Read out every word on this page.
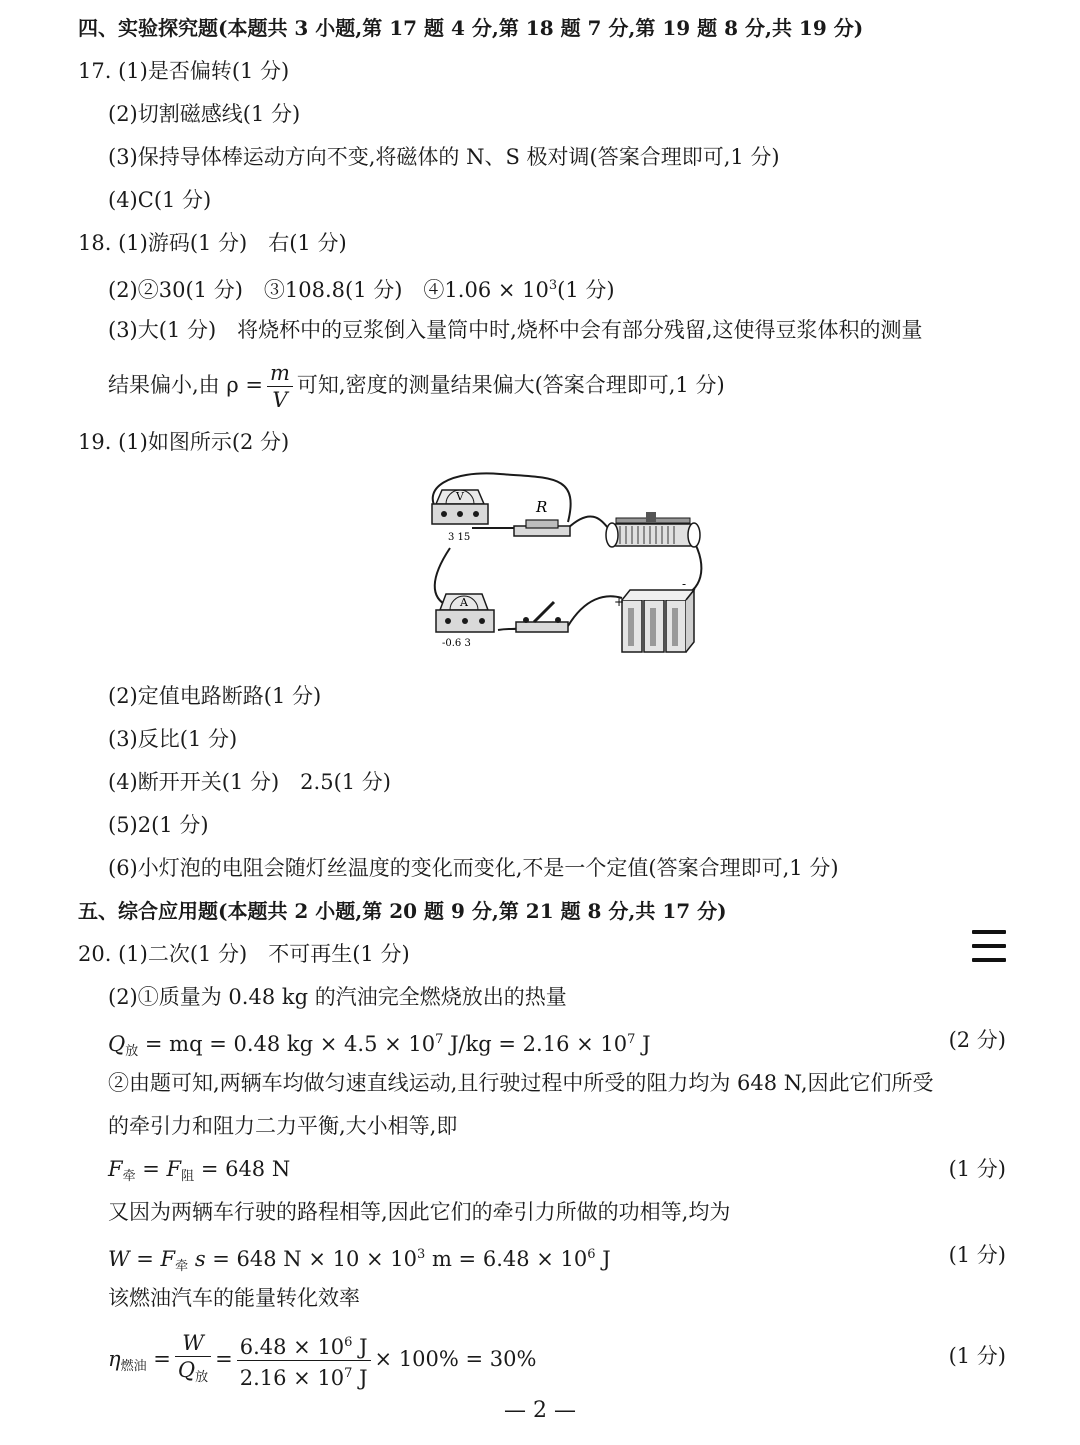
四、实验探究题(本题共 3 小题,第 17 题 4 分,第 18 题 7 分,第 19 题 8 分,共 19 分)
17. (1)是否偏转(1 分)
(2)切割磁感线(1 分)
(3)保持导体棒运动方向不变,将磁体的 N、S 极对调(答案合理即可,1 分)
(4)C(1 分)
18. (1)游码(1 分)　右(1 分)
(2)②30(1 分)　③108.8(1 分)　④1.06 × $10^3(1$ 分)
(3)大(1 分)　将烧杯中的豆浆倒入量筒中时,烧杯中会有部分残留,这使得豆浆体积的测量
结果偏小,由 $\rho = \frac{m}{V}$ 可知,密度的测量结果偏大(答案合理即可,1 分)
19. (1)如图所示(2 分)
V
3 15
R
A
-0.6 3
+
-
(2)定值电路断路(1 分)
(3)反比(1 分)
(4)断开开关(1 分)　2.5(1 分)
(5)2(1 分)
(6)小灯泡的电阻会随灯丝温度的变化而变化,不是一个定值(答案合理即可,1 分)
五、综合应用题(本题共 2 小题,第 20 题 9 分,第 21 题 8 分,共 17 分)
20. (1)二次(1 分)　不可再生(1 分)
(2)①质量为 0.48 kg 的汽油完全燃烧放出的热量
$Q_放$ = mq = 0.48 kg × $4.5 \times 10^7$ $J/kg = 2.16 \times 10^7$ J	(2 分)
②由题可知,两辆车均做匀速直线运动,且行驶过程中所受的阻力均为 648 N,因此它们所受
的牵引力和阻力二力平衡,大小相等,即
$F_牵 = F_阻 = 648$ N	(1 分)
又因为两辆车行驶的路程相等,因此它们的牵引力所做的功相等,均为
$W = F_牵$ s = 648 $N \times 10 \times 10^3$ $m = 6.48 \times 10^6$ J	(1 分)
该燃油汽车的能量转化效率
$\eta_{燃油} = \frac{W}{Q_放} = \frac{6.48 \times 10^6 J}{2.16 \times 10^7 J} \times 100\% = 30\%$	(1 分)
— 2 —
